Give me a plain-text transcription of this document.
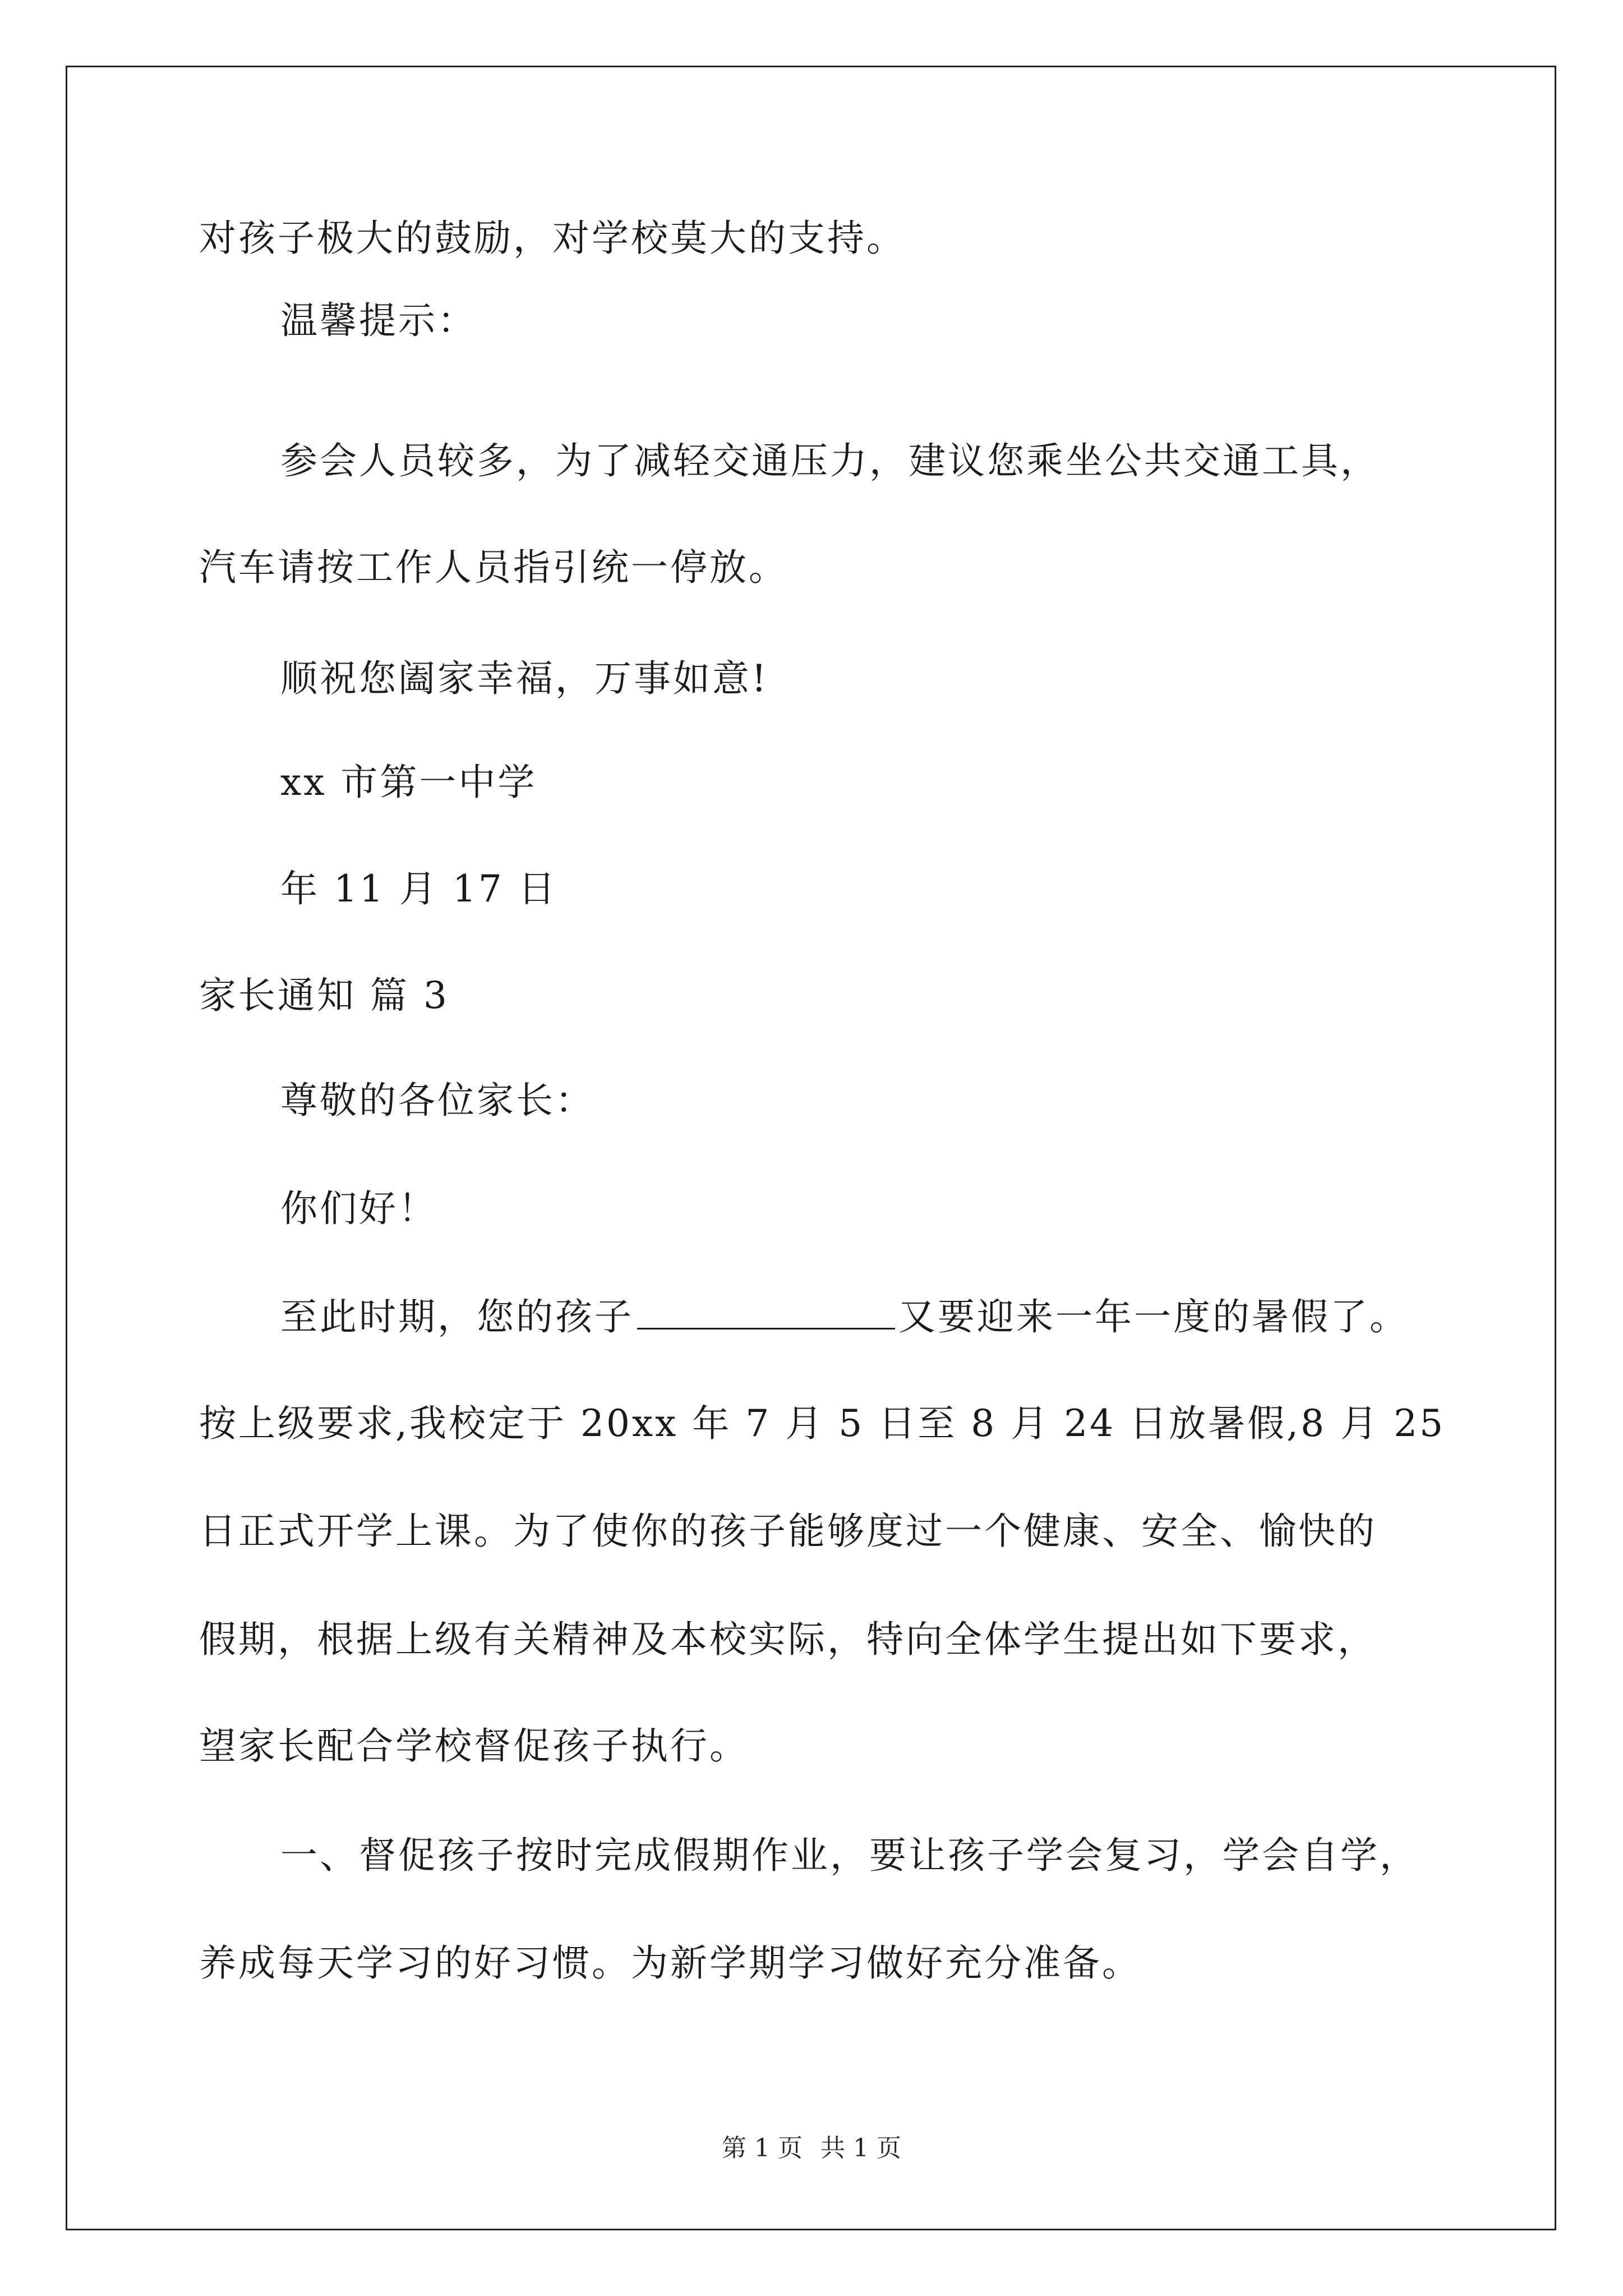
对孩子极大的鼓励，对学校莫大的支持。
温馨提示：
参会人员较多，为了减轻交通压力，建议您乘坐公共交通工具，
汽车请按工作人员指引统一停放。
顺祝您阖家幸福，万事如意!
xx 市第一中学
年 11 月 17 日
家长通知 篇 3
尊敬的各位家长：
你们好！
至此时期，您的孩子	又要迎来一年一度的暑假了。
按上级要求,我校定于 20xx 年 7 月 5 日至 8 月 24 日放暑假,8 月 25
日正式开学上课。为了使你的孩子能够度过一个健康、安全、愉快的
假期，根据上级有关精神及本校实际，特向全体学生提出如下要求，
望家长配合学校督促孩子执行。
一、督促孩子按时完成假期作业，要让孩子学会复习，学会自学，
养成每天学习的好习惯。为新学期学习做好充分准备。
第 1 页 共 1 页
